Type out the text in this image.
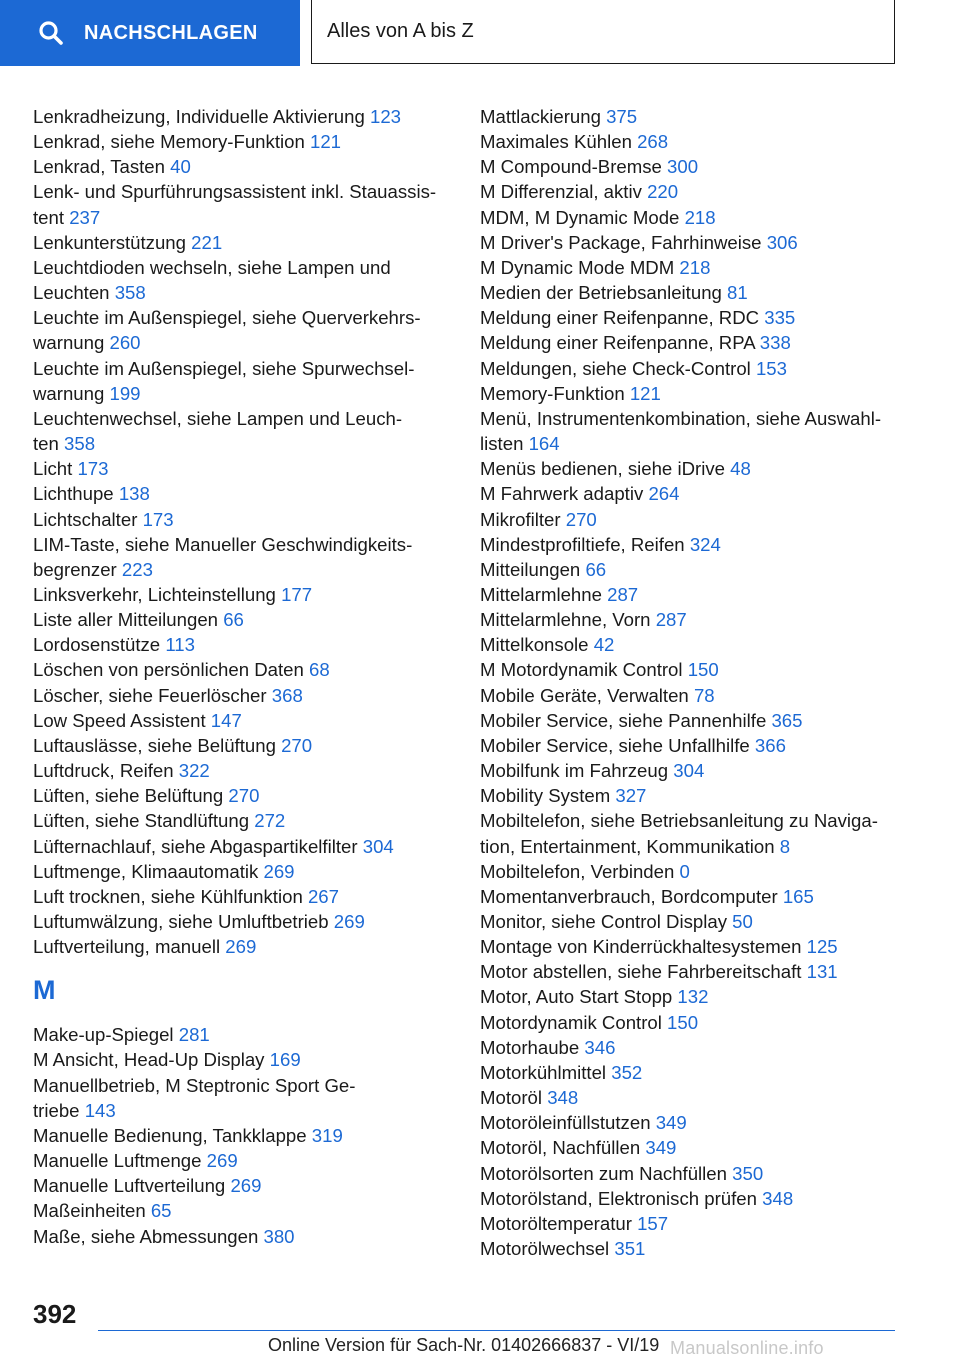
NACHSCHLAGEN	Alles von A bis Z
Lenkradheizung, Individuelle Aktivierung 123
Lenkrad, siehe Memory-Funktion 121
Lenkrad, Tasten 40
Lenk- und Spurführungsassistent inkl. Stauassis-
tent 237
Lenkunterstützung 221
Leuchtdioden wechseln, siehe Lampen und
Leuchten 358
Leuchte im Außenspiegel, siehe Querverkehrs-
warnung 260
Leuchte im Außenspiegel, siehe Spurwechsel-
warnung 199
Leuchtenwechsel, siehe Lampen und Leuch-
ten 358
Licht 173
Lichthupe 138
Lichtschalter 173
LIM-Taste, siehe Manueller Geschwindigkeits-
begrenzer 223
Linksverkehr, Lichteinstellung 177
Liste aller Mitteilungen 66
Lordosenstütze 113
Löschen von persönlichen Daten 68
Löscher, siehe Feuerlöscher 368
Low Speed Assistent 147
Luftauslässe, siehe Belüftung 270
Luftdruck, Reifen 322
Lüften, siehe Belüftung 270
Lüften, siehe Standlüftung 272
Lüfternachlauf, siehe Abgaspartikelfilter 304
Luftmenge, Klimaautomatik 269
Luft trocknen, siehe Kühlfunktion 267
Luftumwälzung, siehe Umluftbetrieb 269
Luftverteilung, manuell 269
M
Make-up-Spiegel 281
M Ansicht, Head-Up Display 169
Manuellbetrieb, M Steptronic Sport Ge-
triebe 143
Manuelle Bedienung, Tankklappe 319
Manuelle Luftmenge 269
Manuelle Luftverteilung 269
Maßeinheiten 65
Maße, siehe Abmessungen 380
Mattlackierung 375
Maximales Kühlen 268
M Compound-Bremse 300
M Differenzial, aktiv 220
MDM, M Dynamic Mode 218
M Driver's Package, Fahrhinweise 306
M Dynamic Mode MDM 218
Medien der Betriebsanleitung 81
Meldung einer Reifenpanne, RDC 335
Meldung einer Reifenpanne, RPA 338
Meldungen, siehe Check-Control 153
Memory-Funktion 121
Menü, Instrumentenkombination, siehe Auswahl-
listen 164
Menüs bedienen, siehe iDrive 48
M Fahrwerk adaptiv 264
Mikrofilter 270
Mindestprofiltiefe, Reifen 324
Mitteilungen 66
Mittelarmlehne 287
Mittelarmlehne, Vorn 287
Mittelkonsole 42
M Motordynamik Control 150
Mobile Geräte, Verwalten 78
Mobiler Service, siehe Pannenhilfe 365
Mobiler Service, siehe Unfallhilfe 366
Mobilfunk im Fahrzeug 304
Mobility System 327
Mobiltelefon, siehe Betriebsanleitung zu Naviga-
tion, Entertainment, Kommunikation 8
Mobiltelefon, Verbinden 0
Momentanverbrauch, Bordcomputer 165
Monitor, siehe Control Display 50
Montage von Kinderrückhaltesystemen 125
Motor abstellen, siehe Fahrbereitschaft 131
Motor, Auto Start Stopp 132
Motordynamik Control 150
Motorhaube 346
Motorkühlmittel 352
Motoröl 348
Motoröleinfüllstutzen 349
Motoröl, Nachfüllen 349
Motorölsorten zum Nachfüllen 350
Motorölstand, Elektronisch prüfen 348
Motoröltemperatur 157
Motorölwechsel 351
392
Online Version für Sach-Nr. 01402666837 - VI/19 Manualsonline.info
